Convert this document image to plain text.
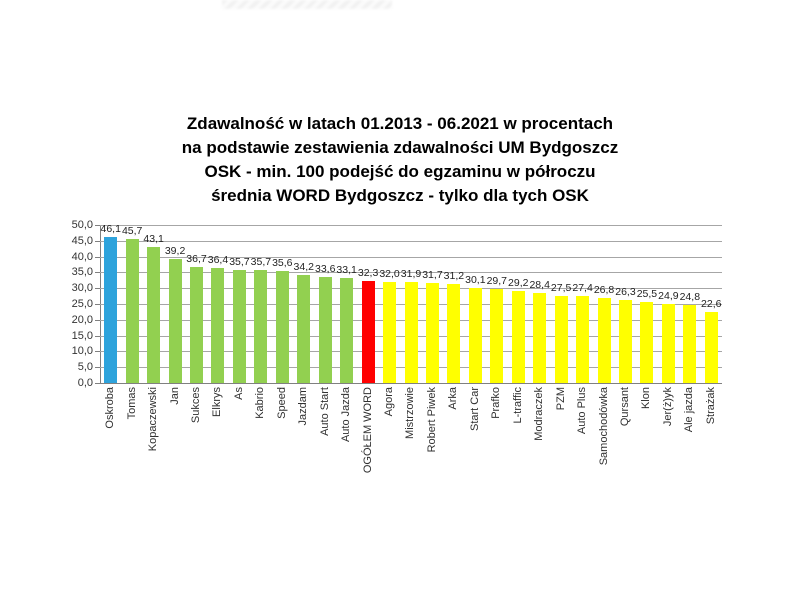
Zdawalność w latach 01.2013 - 06.2021 w procentach
na podstawie zestawienia zdawalności UM Bydgoszcz
OSK - min. 100 podejść do egzaminu w półroczu
średnia WORD Bydgoszcz - tylko dla tych OSK
50,0
45,0
40,0
35,0
30,0
25,0
20,0
15,0
10,0
5,0
0,0
46,1 45,7
43,1
39,2
36,7 36,4 35,7 35,7 35,6 34,2 33,6 33,1 32,3 32,0 31,9 31,7 31,2 30,1 29,7 29,2 28,4 27,5 27,4 26,8 26,3 25,5 24,9 24,8
22,6
Oskroba Tomas Kopaczewski Jan Sukces Elkrys As Kabrio Speed Jazdam Auto Start Auto Jazda OGÓŁEM WORD Agora Mistrzowie Robert Piwek Arka Start Car Prafko L-traffic Modraczek PZM Auto Plus Samochodówka Qursant Klon Jer(ż)yk Ale jazda Strażak
